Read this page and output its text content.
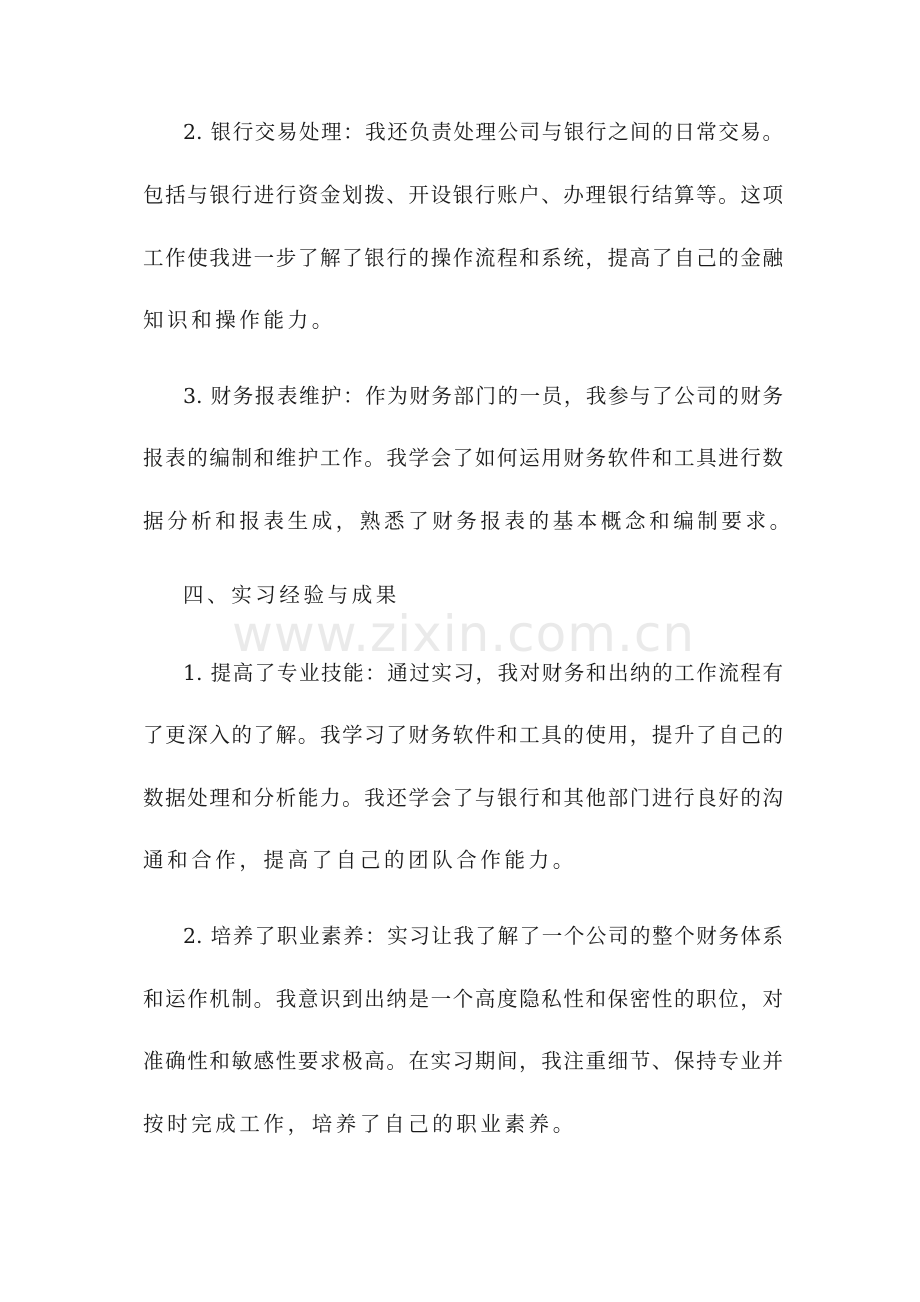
2. 银行交易处理：我还负责处理公司与银行之间的日常交易。
包括与银行进行资金划拨、开设银行账户、办理银行结算等。这项
工作使我进一步了解了银行的操作流程和系统，提高了自己的金融
知识和操作能力。
3. 财务报表维护：作为财务部门的一员，我参与了公司的财务
报表的编制和维护工作。我学会了如何运用财务软件和工具进行数
据分析和报表生成，熟悉了财务报表的基本概念和编制要求。
四、实习经验与成果
1. 提高了专业技能：通过实习，我对财务和出纳的工作流程有
了更深入的了解。我学习了财务软件和工具的使用，提升了自己的
数据处理和分析能力。我还学会了与银行和其他部门进行良好的沟
通和合作，提高了自己的团队合作能力。
2. 培养了职业素养：实习让我了解了一个公司的整个财务体系
和运作机制。我意识到出纳是一个高度隐私性和保密性的职位，对
准确性和敏感性要求极高。在实习期间，我注重细节、保持专业并
按时完成工作，培养了自己的职业素养。
www.zixin.com.cn
